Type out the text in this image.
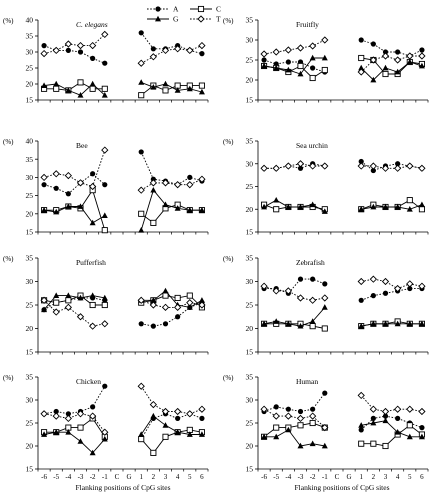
C. elegans
15
20
25
30
35
40
(%)	Fruitfly
15
20
25
30
35
(%)
Bee
15
20
25
30
35
40
(%)	Sea urchin
15
20
25
30
35
(%)
Pufferfish
15
20
25
30
35
(%)	Zebrafish
15
20
25
30
35
(%)
Chicken
15
20
25
30
35
(%)
-6 -5 -4 -3 -2 -1 C G 1 2 3 4 5 6
Human
15
20
25
30
35
(%)
-6 -5 -4 -3 -2 -1 C G 1 2 3 4 5 6
A	C
G	T
Flanking positions of CpG sites	Flanking positions of CpG sites
